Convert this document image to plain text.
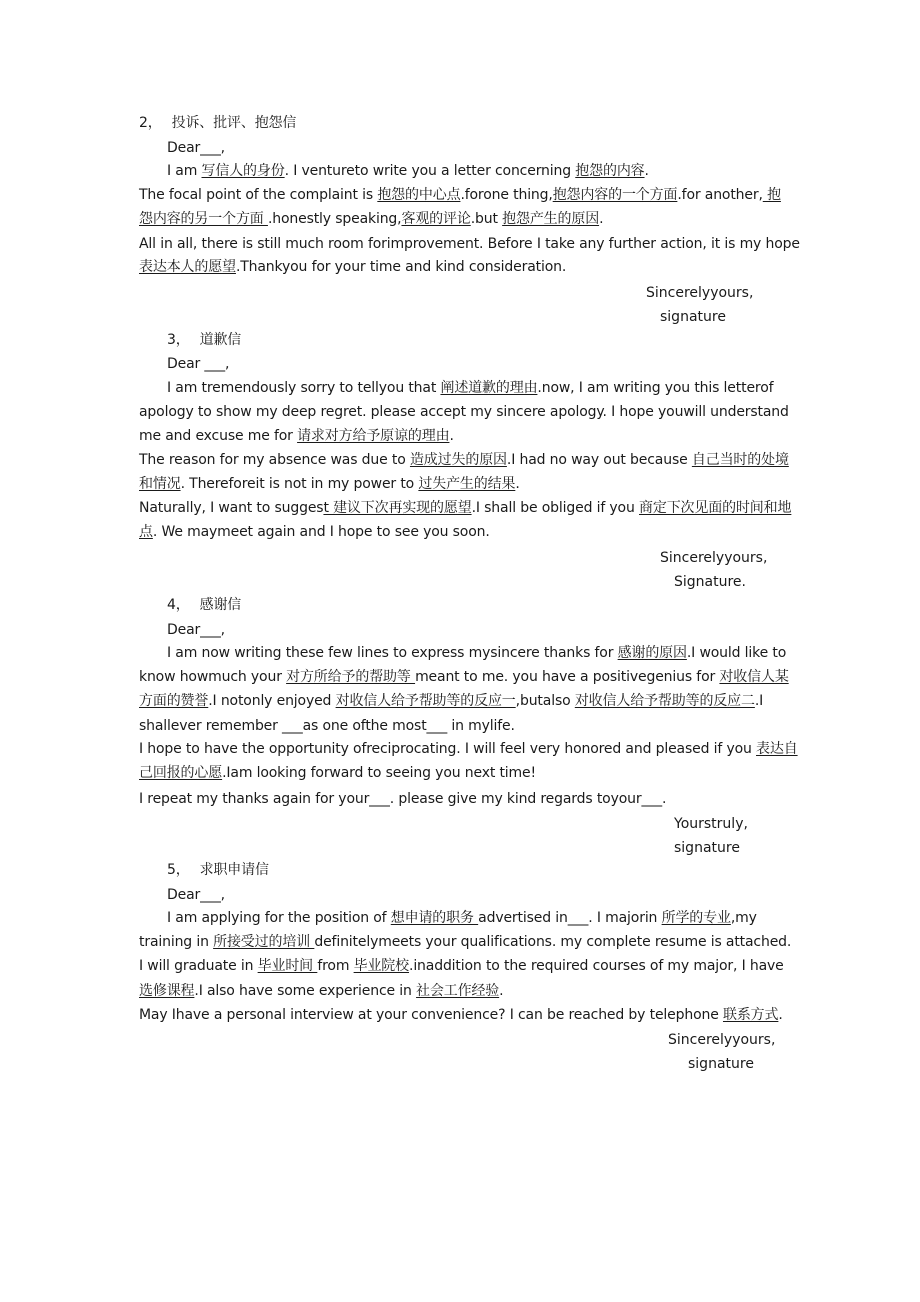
2， 投诉、批评、抱怨信
Dear___,
I am 写信人的身份. I ventureto write you a letter concerning 抱怨的内容.
The focal point of the complaint is 抱怨的中心点.forone thing,抱怨内容的一个方面.for another, 抱
怨内容的另一个方面 .honestly speaking,客观的评论.but 抱怨产生的原因.
All in all, there is still much room forimprovement. Before I take any further action, it is my hope
表达本人的愿望.Thankyou for your time and kind consideration.
Sincerelyyours,
signature
3， 道歉信
Dear ___,
I am tremendously sorry to tellyou that 阐述道歉的理由.now, I am writing you this letterof
apology to show my deep regret. please accept my sincere apology. I hope youwill understand
me and excuse me for 请求对方给予原谅的理由.
The reason for my absence was due to 造成过失的原因.I had no way out because 自己当时的处境
和情况. Thereforeit is not in my power to 过失产生的结果.
Naturally, I want to suggest 建议下次再实现的愿望.I shall be obliged if you 商定下次见面的时间和地
点. We maymeet again and I hope to see you soon.
Sincerelyyours,
Signature.
4， 感谢信
Dear___,
I am now writing these few lines to express mysincere thanks for 感谢的原因.I would like to
know howmuch your 对方所给予的帮助等 meant to me. you have a positivegenius for 对收信人某
方面的赞誉.I notonly enjoyed 对收信人给予帮助等的反应一,butalso 对收信人给予帮助等的反应二.I
shallever remember ___as one ofthe most___ in mylife.
I hope to have the opportunity ofreciprocating. I will feel very honored and pleased if you 表达自
己回报的心愿.Iam looking forward to seeing you next time!
I repeat my thanks again for your___. please give my kind regards toyour___.
Yourstruly,
signature
5， 求职申请信
Dear___,
I am applying for the position of 想申请的职务 advertised in___. I majorin 所学的专业,my
training in 所接受过的培训 definitelymeets your qualifications. my complete resume is attached.
I will graduate in 毕业时间 from 毕业院校.inaddition to the required courses of my major, I have
选修课程.I also have some experience in 社会工作经验.
May Ihave a personal interview at your convenience? I can be reached by telephone 联系方式.
Sincerelyyours,
signature
